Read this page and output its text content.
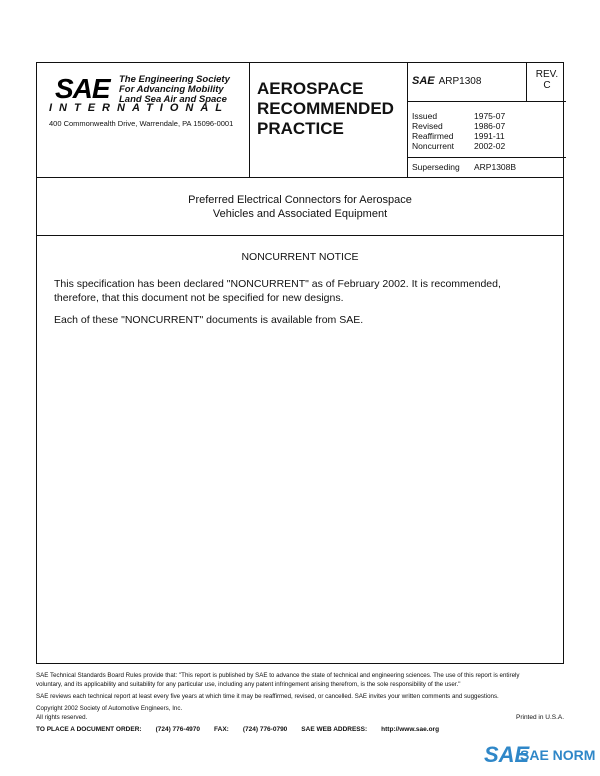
SAE The Engineering Society
For Advancing Mobility
Land Sea Air and Space
INTERNATIONAL
400 Commonwealth Drive, Warrendale, PA 15096-0001
AEROSPACE
RECOMMENDED
PRACTICE
SAE ARP1308
REV.
C
Issued	1975-07
Revised	1986-07
Reaffirmed	1991-11
Noncurrent	2002-02
Superseding ARP1308B
Preferred Electrical Connectors for Aerospace
Vehicles and Associated Equipment
NONCURRENT NOTICE
This specification has been declared "NONCURRENT" as of February 2002. It is recommended, therefore, that this document not be specified for new designs.
Each of these "NONCURRENT" documents is available from SAE.
SAE Technical Standards Board Rules provide that: "This report is published by SAE to advance the state of technical and engineering sciences. The use of this report is entirely
voluntary, and its applicability and suitability for any particular use, including any patent infringement arising therefrom, is the sole responsibility of the user."
SAE reviews each technical report at least every five years at which time it may be reaffirmed, revised, or cancelled. SAE invites your written comments and suggestions.
Copyright 2002 Society of Automotive Engineers, Inc.
All rights reserved.	Printed in U.S.A.
TO PLACE A DOCUMENT ORDER: (724) 776-4970 FAX: (724) 776-0790 SAE WEB ADDRESS: http://www.sae.org
SAE
SAE NORM
